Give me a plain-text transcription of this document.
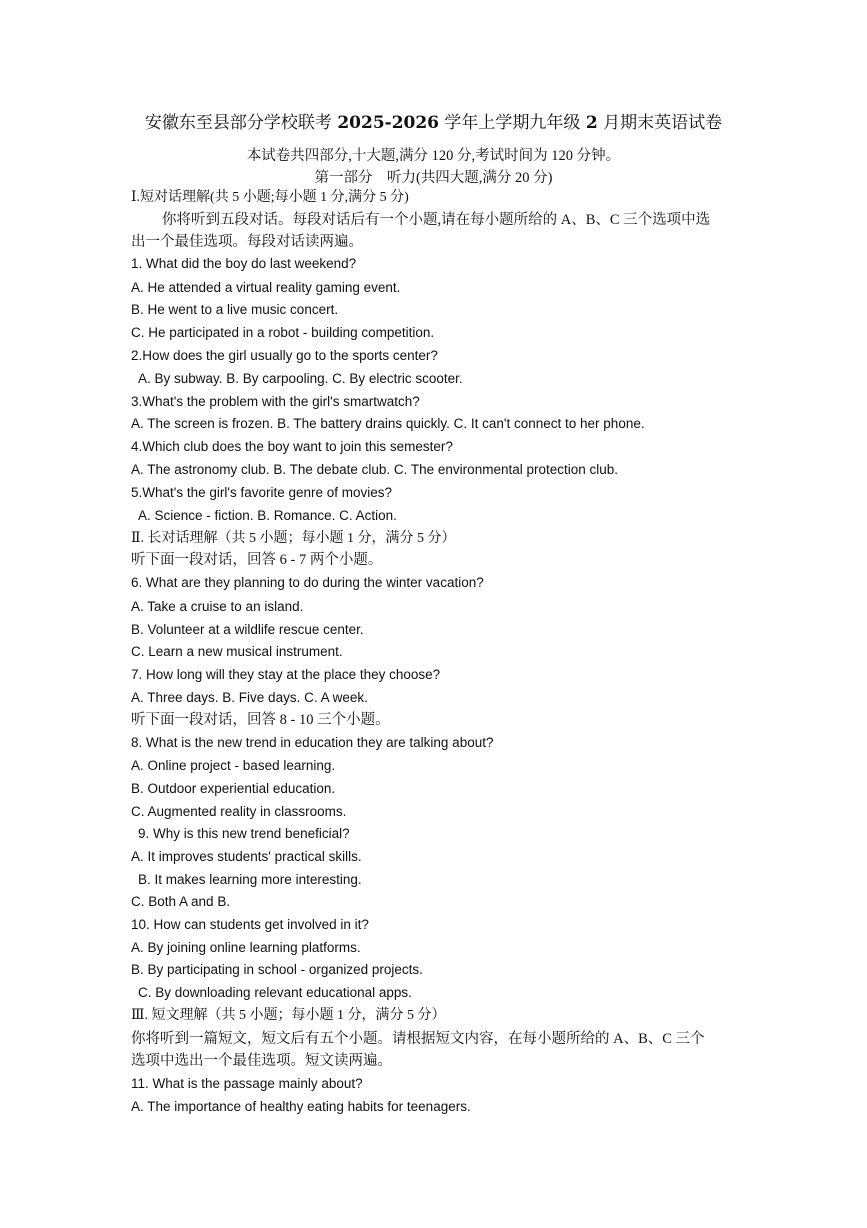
安徽东至县部分学校联考 2025-2026 学年上学期九年级 2 月期末英语试卷
本试卷共四部分,十大题,满分 120 分,考试时间为 120 分钟。
第一部分　听力(共四大题,满分 20 分)
Ⅰ.短对话理解(共 5 小题;每小题 1 分,满分 5 分)
你将听到五段对话。每段对话后有一个小题,请在每小题所给的 A、B、C 三个选项中选
出一个最佳选项。每段对话读两遍。
1. What did the boy do last weekend?
A. He attended a virtual reality gaming event.
B. He went to a live music concert.
C. He participated in a robot - building competition.
2.How does the girl usually go to the sports center?
A. By subway. B. By carpooling. C. By electric scooter.
3.What's the problem with the girl's smartwatch?
A. The screen is frozen. B. The battery drains quickly. C. It can't connect to her phone.
4.Which club does the boy want to join this semester?
A. The astronomy club. B. The debate club. C. The environmental protection club.
5.What's the girl's favorite genre of movies?
A. Science - fiction. B. Romance. C. Action.
Ⅱ. 长对话理解（共 5 小题；每小题 1 分，满分 5 分）
听下面一段对话，回答 6 - 7 两个小题。
6. What are they planning to do during the winter vacation?
A. Take a cruise to an island.
B. Volunteer at a wildlife rescue center.
C. Learn a new musical instrument.
7. How long will they stay at the place they choose?
A. Three days. B. Five days. C. A week.
听下面一段对话，回答 8 - 10 三个小题。
8. What is the new trend in education they are talking about?
A. Online project - based learning.
B. Outdoor experiential education.
C. Augmented reality in classrooms.
9. Why is this new trend beneficial?
A. It improves students' practical skills.
B. It makes learning more interesting.
C. Both A and B.
10. How can students get involved in it?
A. By joining online learning platforms.
B. By participating in school - organized projects.
C. By downloading relevant educational apps.
Ⅲ. 短文理解（共 5 小题；每小题 1 分，满分 5 分）
你将听到一篇短文，短文后有五个小题。请根据短文内容，在每小题所给的 A、B、C 三个
选项中选出一个最佳选项。短文读两遍。
11. What is the passage mainly about?
A. The importance of healthy eating habits for teenagers.
